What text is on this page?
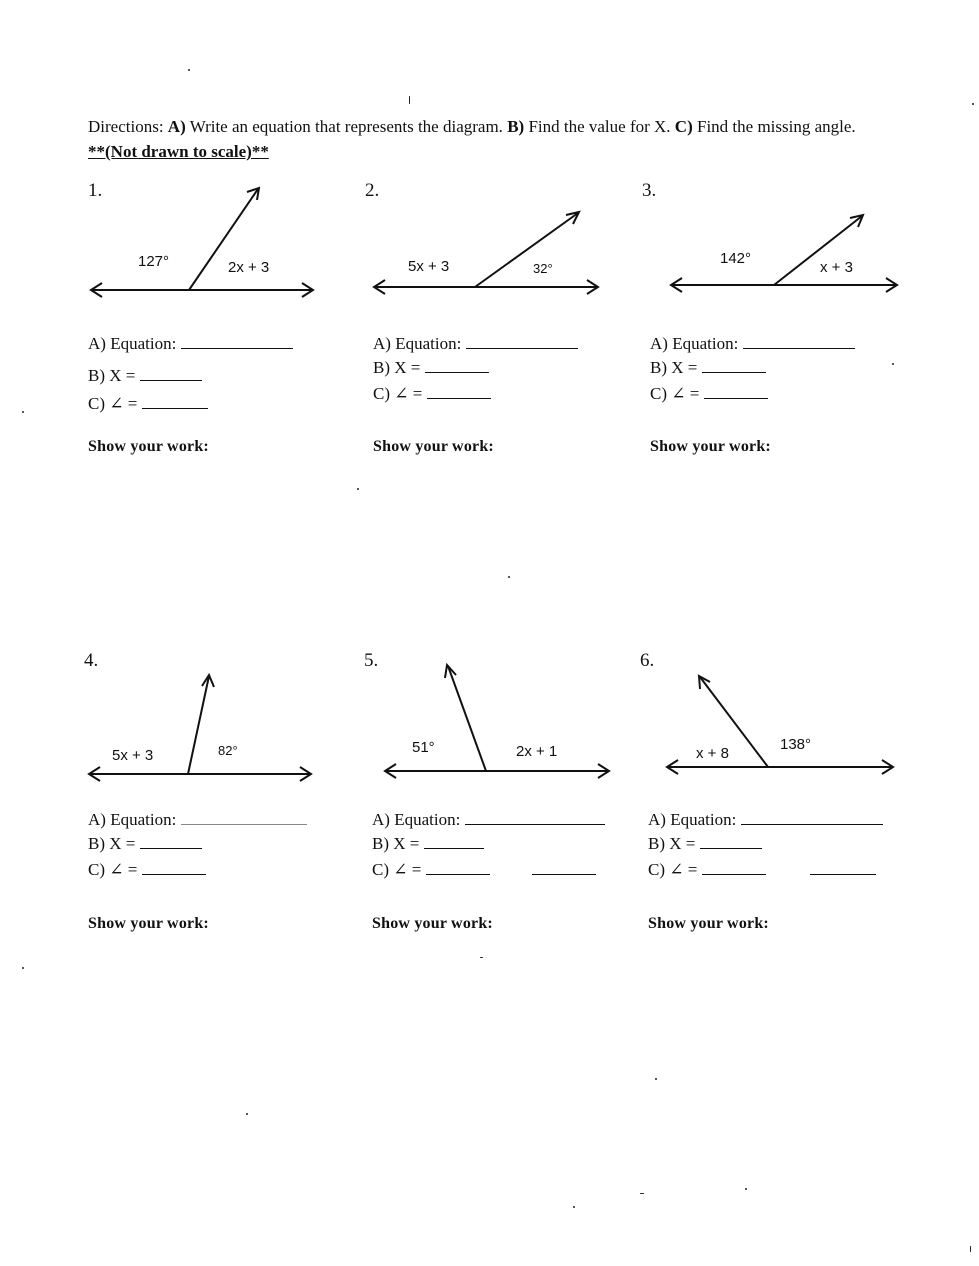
Directions: A) Write an equation that represents the diagram. B) Find the value for X. C) Find the missing angle. **(Not drawn to scale)**
1.
127°	2x + 3
A) Equation:
B) X =
C) ∠ =
Show your work:
2.
5x + 3	32°
A) Equation:
B) X =
C) ∠ =
Show your work:
3.
142°
x + 3
A) Equation:
B) X =
C) ∠ =
Show your work:
4.
5x + 3	82°
A) Equation:
B) X =
C) ∠ =
Show your work:
5.
51°	2x + 1
A) Equation:
B) X =
C) ∠ =
Show your work:
6.
x + 8
138°
A) Equation:
B) X =
C) ∠ =
Show your work:
